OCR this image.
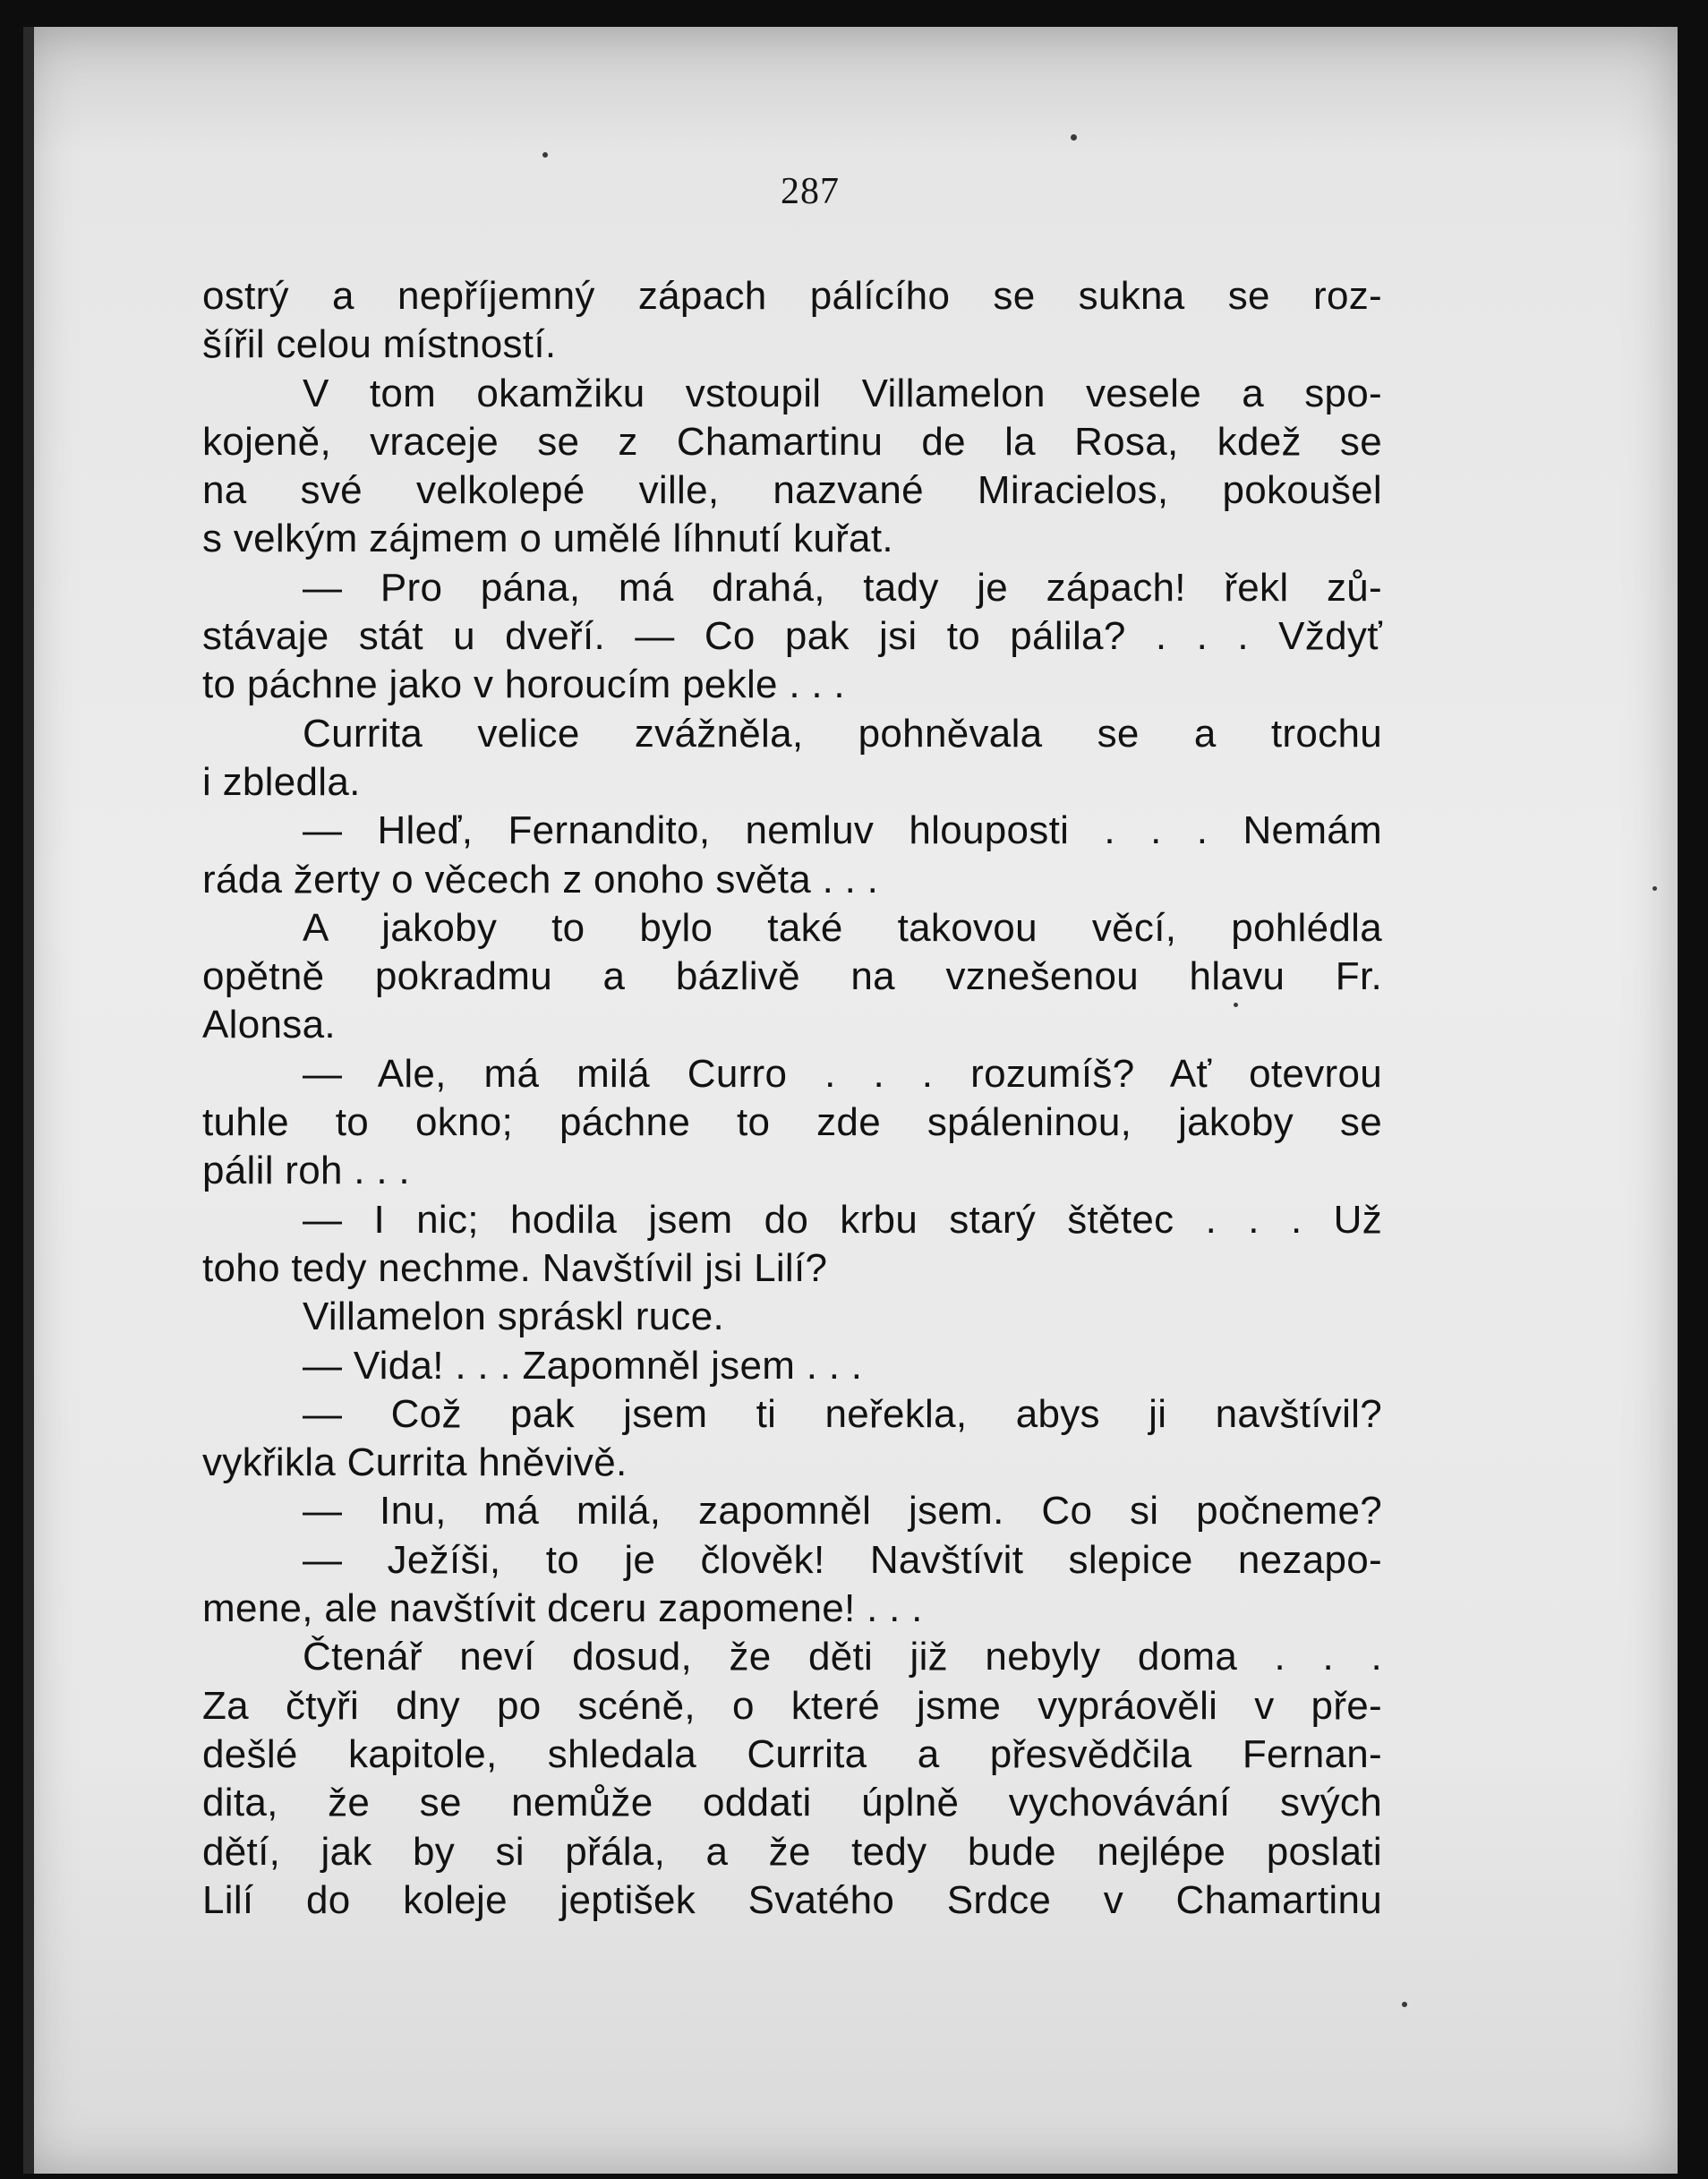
287
ostrý a nepříjemný zápach pálícího se sukna se roz-
šířil celou místností.
V tom okamžiku vstoupil Villamelon vesele a spo-
kojeně, vraceje se z Chamartinu de la Rosa, kdež se
na své velkolepé ville, nazvané Miracielos, pokoušel
s velkým zájmem o umělé líhnutí kuřat.
— Pro pána, má drahá, tady je zápach! řekl zů-
stávaje stát u dveří. — Co pak jsi to pálila? . . . Vždyť
to páchne jako v horoucím pekle . . .
Currita velice zvážněla, pohněvala se a trochu
i zbledla.
— Hleď, Fernandito, nemluv hlouposti . . . Nemám
ráda žerty o věcech z onoho světa . . .
A jakoby to bylo také takovou věcí, pohlédla
opětně pokradmu a bázlivě na vznešenou hlavu Fr.
Alonsa.
— Ale, má milá Curro . . . rozumíš? Ať otevrou
tuhle to okno; páchne to zde spáleninou, jakoby se
pálil roh . . .
— I nic; hodila jsem do krbu starý štětec . . . Už
toho tedy nechme. Navštívil jsi Lilí?
Villamelon spráskl ruce.
— Vida! . . . Zapomněl jsem . . .
— Což pak jsem ti neřekla, abys ji navštívil?
vykřikla Currita hněvivě.
— Inu, má milá, zapomněl jsem. Co si počneme?
— Ježíši, to je člověk! Navštívit slepice nezapo-
mene, ale navštívit dceru zapomene! . . .
Čtenář neví dosud, že děti již nebyly doma . . .
Za čtyři dny po scéně, o které jsme vypráověli v pře-
dešlé kapitole, shledala Currita a přesvědčila Fernan-
dita, že se nemůže oddati úplně vychovávání svých
dětí, jak by si přála, a že tedy bude nejlépe poslati
Lilí do koleje jeptišek Svatého Srdce v Chamartinu
